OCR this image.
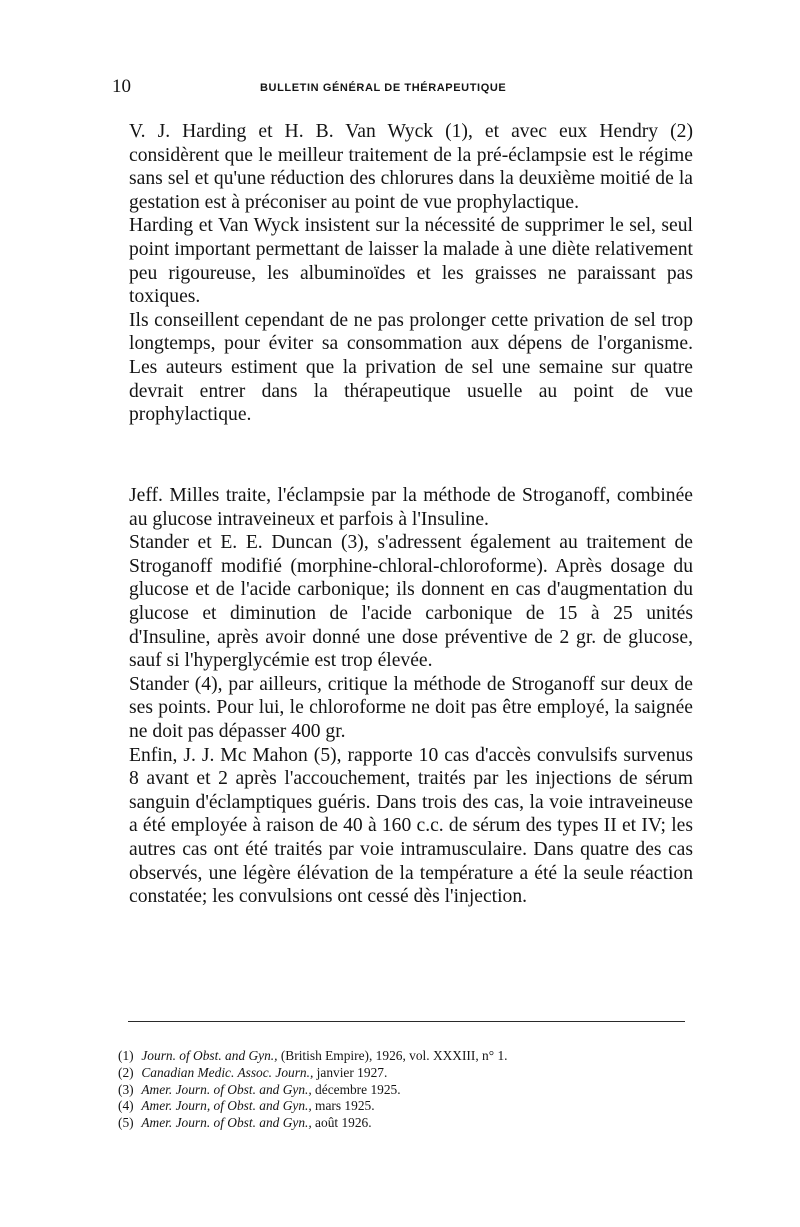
10	BULLETIN GÉNÉRAL DE THÉRAPEUTIQUE

V. J. Harding et H. B. Van Wyck (1), et avec eux Hendry (2) considèrent que le meilleur traitement de la pré-éclampsie est le régime sans sel et qu'une réduction des chlorures dans la deuxième moitié de la gestation est à préconiser au point de vue prophylactique.

Harding et Van Wyck insistent sur la nécessité de supprimer le sel, seul point important permettant de laisser la malade à une diète relativement peu rigoureuse, les albuminoïdes et les graisses ne paraissant pas toxiques.

Ils conseillent cependant de ne pas prolonger cette privation de sel trop longtemps, pour éviter sa consommation aux dépens de l'organisme. Les auteurs estiment que la privation de sel une semaine sur quatre devrait entrer dans la thérapeutique usuelle au point de vue prophylactique.

Jeff. Milles traite, l'éclampsie par la méthode de Stroganoff, combinée au glucose intraveineux et parfois à l'Insuline.

Stander et E. E. Duncan (3), s'adressent également au traitement de Stroganoff modifié (morphine-chloral-chloroforme). Après dosage du glucose et de l'acide carbonique; ils donnent en cas d'augmentation du glucose et diminution de l'acide carbonique de 15 à 25 unités d'Insuline, après avoir donné une dose préventive de 2 gr. de glucose, sauf si l'hyperglycémie est trop élevée.

Stander (4), par ailleurs, critique la méthode de Stroganoff sur deux de ses points. Pour lui, le chloroforme ne doit pas être employé, la saignée ne doit pas dépasser 400 gr.

Enfin, J. J. Mc Mahon (5), rapporte 10 cas d'accès convulsifs survenus 8 avant et 2 après l'accouchement, traités par les injections de sérum sanguin d'éclamptiques guéris. Dans trois des cas, la voie intraveineuse a été employée à raison de 40 à 160 c.c. de sérum des types II et IV; les autres cas ont été traités par voie intramusculaire. Dans quatre des cas observés, une légère élévation de la température a été la seule réaction constatée; les convulsions ont cessé dès l'injection.

(1) Journ. of Obst. and Gyn., (British Empire), 1926, vol. XXXIII, n° 1.
(2) Canadian Medic. Assoc. Journ., janvier 1927.
(3) Amer. Journ. of Obst. and Gyn., décembre 1925.
(4) Amer. Journ, of Obst. and Gyn., mars 1925.
(5) Amer. Journ. of Obst. and Gyn., août 1926.
